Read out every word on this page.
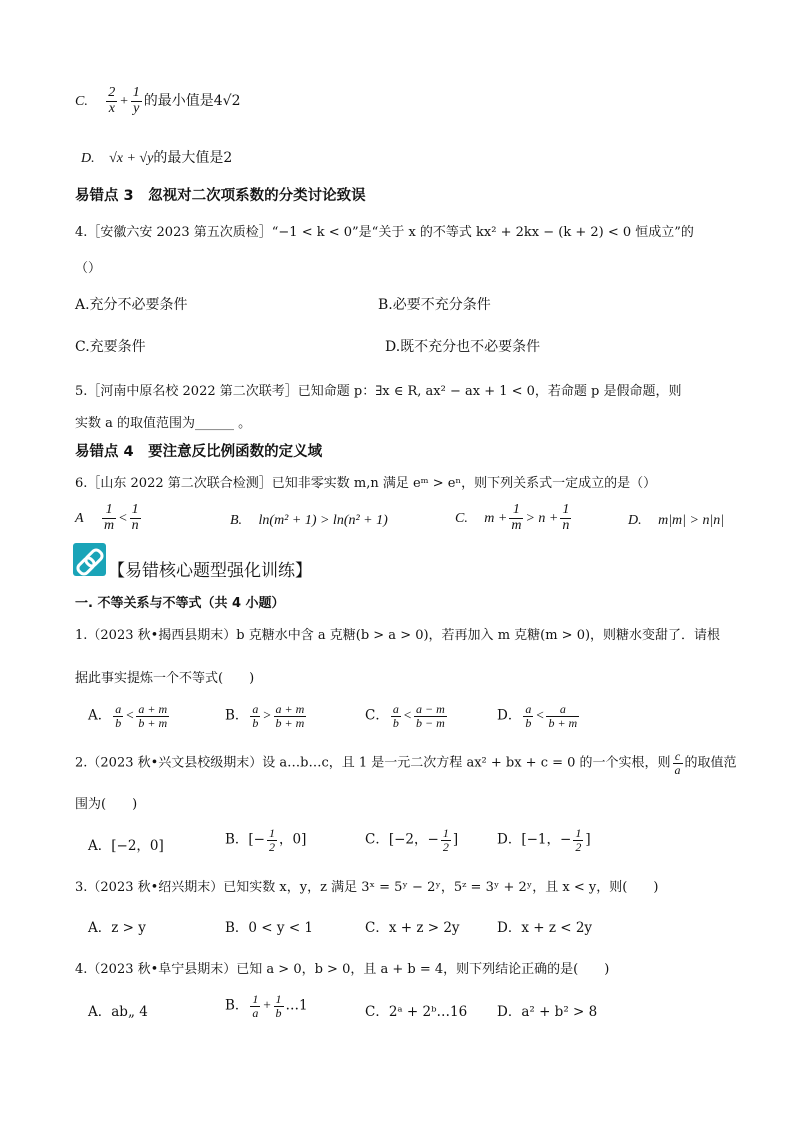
C. $\frac{2}{x} + \frac{1}{y}$ 的最小值是4√2
D. √x + √y的最大值是2
易错点 3　忽视对二次项系数的分类讨论致误
4.［安徽六安 2023 第五次质检］“−1 < k < 0”是“关于 x 的不等式 kx² + 2kx − (k + 2) < 0 恒成立”的
（）
A.充分不必要条件	B.必要不充分条件
C.充要条件	D.既不充分也不必要条件
5.［河南中原名校 2022 第二次联考］已知命题 p：∃x ∈ R, ax² − ax + 1 < 0，若命题 p 是假命题，则
实数 a 的取值范围为______ 。
易错点 4　要注意反比例函数的定义域
6.［山东 2022 第二次联合检测］已知非零实数 m,n 满足 eᵐ > eⁿ，则下列关系式一定成立的是（）
A $\frac{1}{m} < \frac{1}{n}$	B. ln(m² + 1) > ln(n² + 1)	C. $m + \frac{1}{m} > n + \frac{1}{n}$	D. m|m| > n|n|
【易错核心题型强化训练】
一. 不等关系与不等式（共 4 小题）
1.（2023 秋•揭西县期末）b 克糖水中含 a 克糖(b > a > 0)，若再加入 m 克糖(m > 0)，则糖水变甜了．请根
据此事实提炼一个不等式(　　)
A． $\frac{a}{b} < \frac{a + m}{b + m}$	B． $\frac{a}{b} > \frac{a + m}{b + m}$	C． $\frac{a}{b} < \frac{a - m}{b - m}$	D． $\frac{a}{b} < \frac{a}{b + m}$
2.（2023 秋•兴文县校级期末）设 a…b…c，且 1 是一元二次方程 ax² + bx + c = 0 的一个实根，则 $\frac{c}{a}$ 的取值范
围为(　　)
A．[−2，0]	B．[− $\frac{1}{2}$ ，0]	C．[−2，− $\frac{1}{2}$ ]	D．[−1，− $\frac{1}{2}$ ]
3.（2023 秋•绍兴期末）已知实数 x，y，z 满足 3ˣ = 5ʸ − 2ʸ，5ᶻ = 3ʸ + 2ʸ，且 x < y，则(　　)
A．z > y	B．0 < y < 1	C．x + z > 2y	D．x + z < 2y
4.（2023 秋•阜宁县期末）已知 a > 0，b > 0，且 a + b = 4，则下列结论正确的是(　　)
A．ab„ 4	B． $\frac{1}{a} + \frac{1}{b}$ …1	C．2ᵃ + 2ᵇ…16 D．a² + b² > 8
